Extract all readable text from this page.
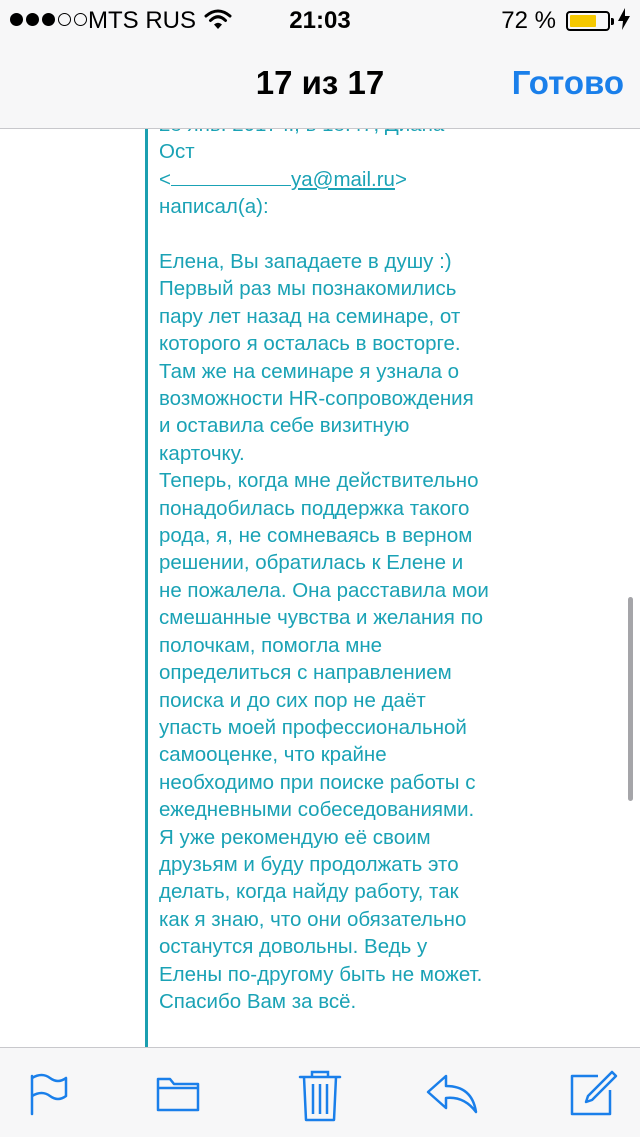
MTS RUS	21:03	72 %
17 из 17	Готово

Ост

<	ya@mail.ru>

написал(а):

Елена, Вы западаете в душу :)

Первый раз мы познакомились пару лет назад на семинаре, от которого я осталась в восторге. Там же на семинаре я узнала о возможности HR-сопровождения и оставила себе визитную карточку.

Теперь, когда мне действительно понадобилась поддержка такого рода, я, не сомневаясь в верном решении, обратилась к Елене и не пожалела. Она расставила мои смешанные чувства и желания по полочкам, помогла мне определиться с направлением поиска и до сих пор не даёт упасть моей профессиональной самооценке, что крайне необходимо при поиске работы с ежедневными собеседованиями.

Я уже рекомендую её своим друзьям и буду продолжать это делать, когда найду работу, так как я знаю, что они обязательно останутся довольны. Ведь у Елены по-другому быть не может.

Спасибо Вам за всё.
